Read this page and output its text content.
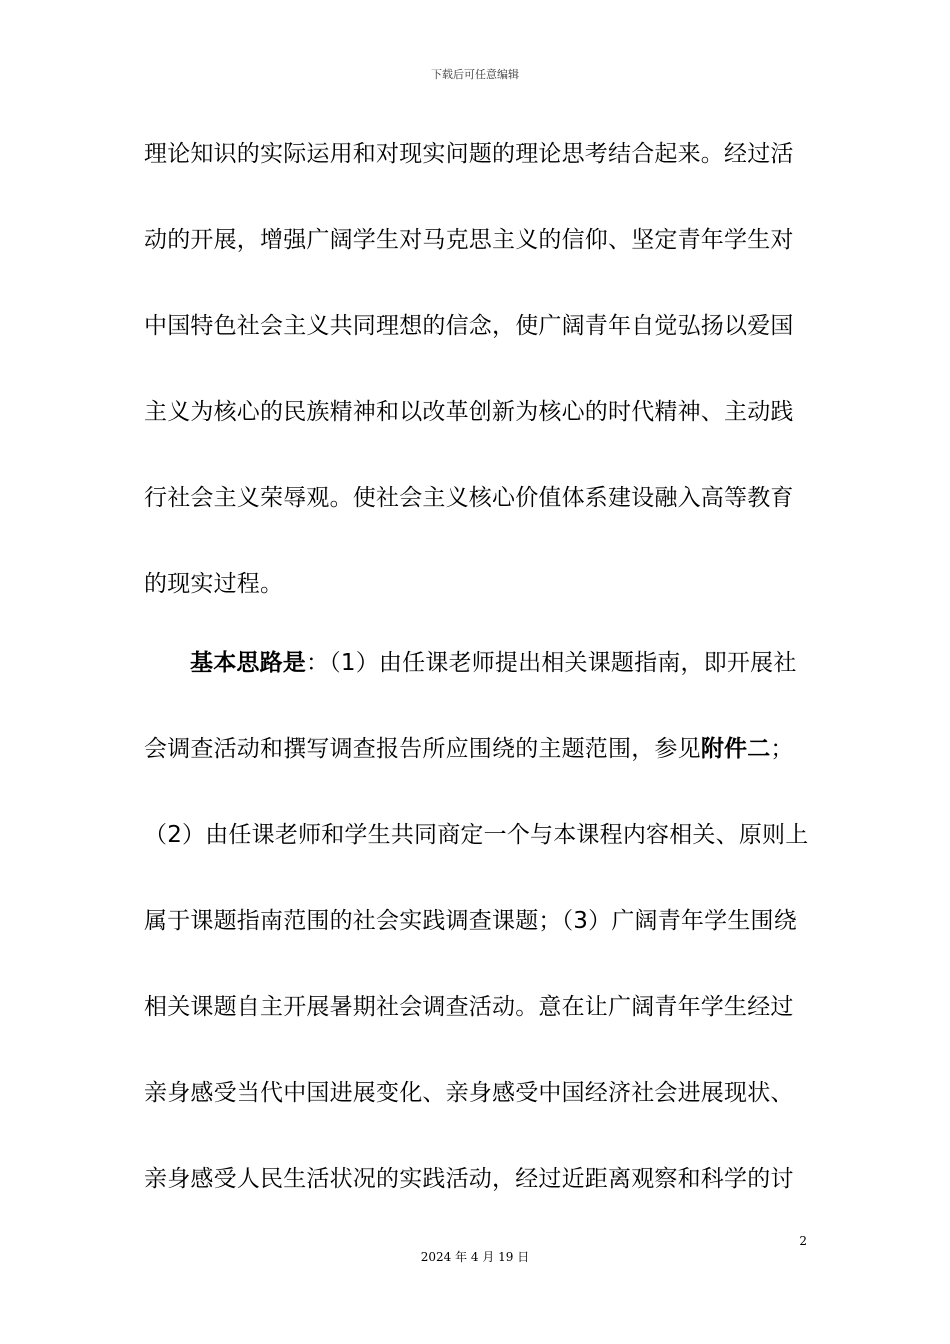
下载后可任意编辑
理论知识的实际运用和对现实问题的理论思考结合起来。经过活
动的开展，增强广阔学生对马克思主义的信仰、坚定青年学生对
中国特色社会主义共同理想的信念，使广阔青年自觉弘扬以爱国
主义为核心的民族精神和以改革创新为核心的时代精神、主动践
行社会主义荣辱观。使社会主义核心价值体系建设融入高等教育
的现实过程。
基本思路是：（1）由任课老师提出相关课题指南，即开展社
会调查活动和撰写调查报告所应围绕的主题范围，参见附件二；
（2）由任课老师和学生共同商定一个与本课程内容相关、原则上
属于课题指南范围的社会实践调查课题；（3）广阔青年学生围绕
相关课题自主开展暑期社会调查活动。意在让广阔青年学生经过
亲身感受当代中国进展变化、亲身感受中国经济社会进展现状、
亲身感受人民生活状况的实践活动，经过近距离观察和科学的讨
2
2024 年 4 月 19 日
